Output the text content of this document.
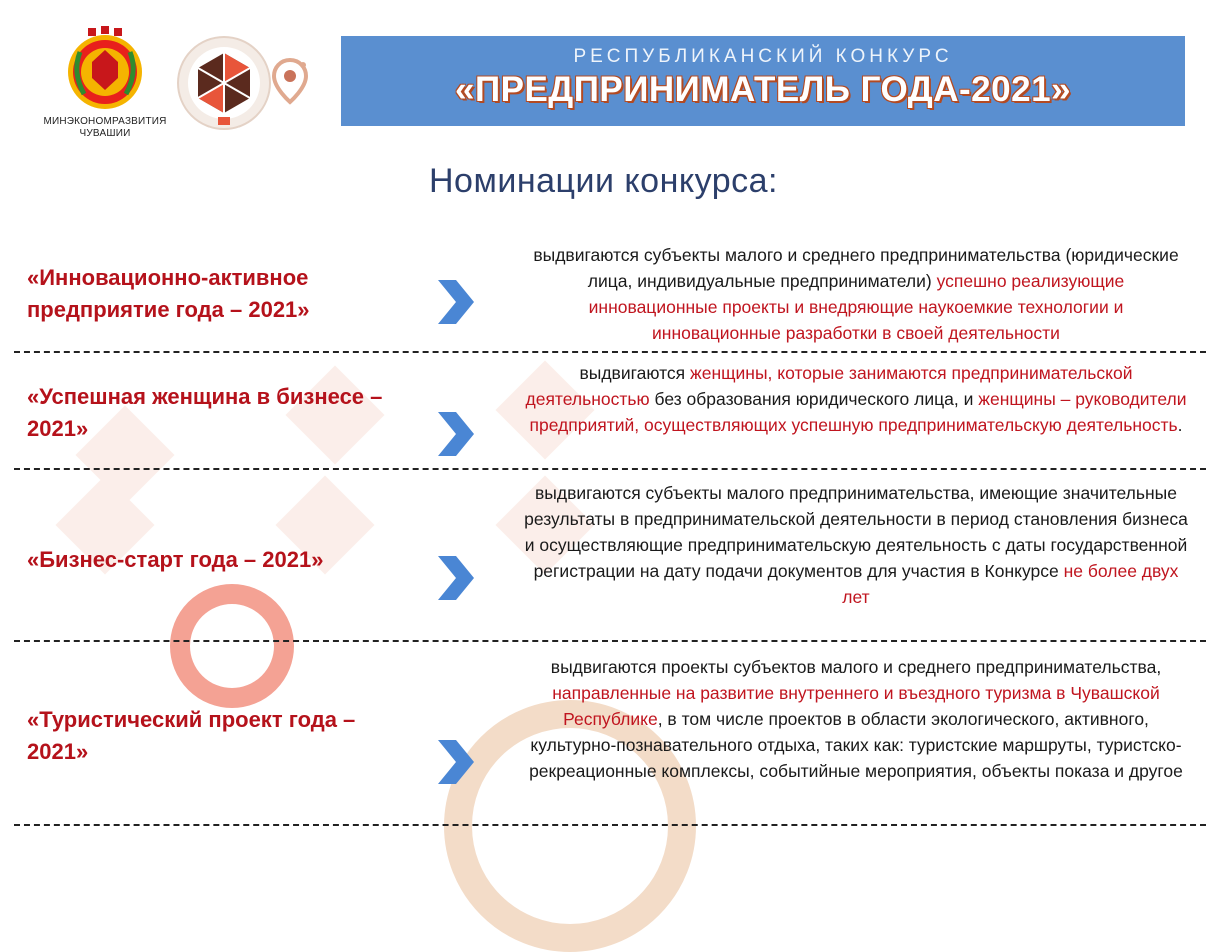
МИНЭКОНОМРАЗВИТИЯ
ЧУВАШИИ
РЕСПУБЛИКАНСКИЙ КОНКУРС
«ПРЕДПРИНИМАТЕЛЬ ГОДА-2021»
Номинации конкурса:
«Инновационно-активное предприятие года – 2021»
выдвигаются субъекты малого и среднего предпринимательства (юридические лица, индивидуальные предприниматели) успешно реализующие инновационные проекты и внедряющие наукоемкие технологии и инновационные разработки в своей деятельности
«Успешная женщина в бизнесе – 2021»
выдвигаются женщины, которые занимаются предпринимательской деятельностью без образования юридического лица, и женщины – руководители предприятий, осуществляющих успешную предпринимательскую деятельность.
«Бизнес-старт года – 2021»
выдвигаются субъекты малого предпринимательства, имеющие значительные результаты в предпринимательской деятельности в период становления бизнеса и осуществляющие предпринимательскую деятельность с даты государственной регистрации на дату подачи документов для участия в Конкурсе не более двух лет
«Туристический проект года – 2021»
выдвигаются проекты субъектов малого и среднего предпринимательства, направленные на развитие внутреннего и въездного туризма в Чувашской Республике, в том числе проектов в области экологического, активного, культурно-познавательного отдыха, таких как: туристские маршруты, туристско-рекреационные комплексы, событийные мероприятия, объекты показа и другое
